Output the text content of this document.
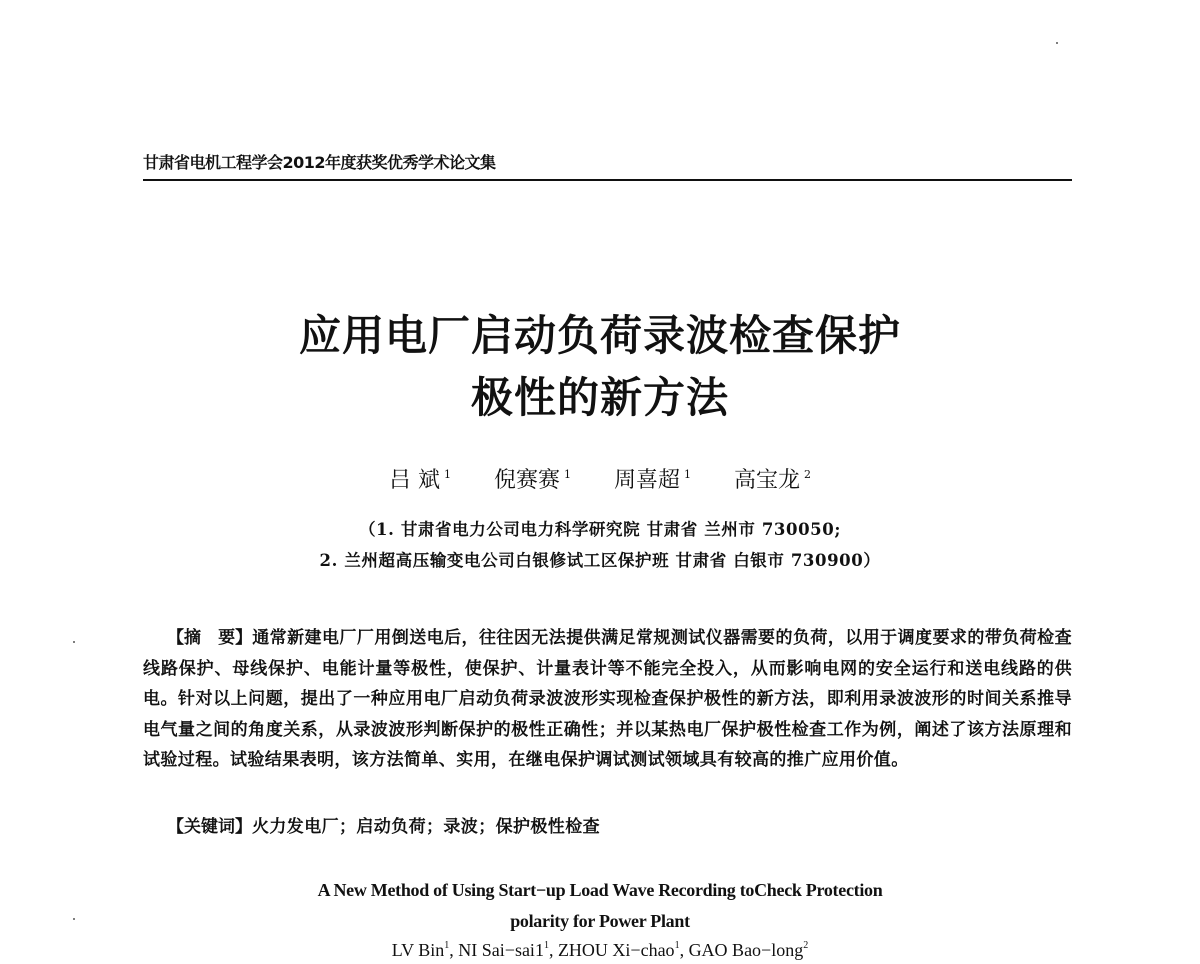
甘肃省电机工程学会2012年度获奖优秀学术论文集
应用电厂启动负荷录波检查保护
极性的新方法
吕 斌 $^1$ 倪赛赛 $^1$ 周喜超 $^1$ 高宝龙 $^2$
（1. 甘肃省电力公司电力科学研究院 甘肃省 兰州市 730050;
2. 兰州超高压输变电公司白银修试工区保护班 甘肃省 白银市 730900）
【摘　要】通常新建电厂厂用倒送电后，往往因无法提供满足常规测试仪器需要的负荷，以用于调度要求的带负荷检查线路保护、母线保护、电能计量等极性，使保护、计量表计等不能完全投入，从而影响电网的安全运行和送电线路的供电。针对以上问题，提出了一种应用电厂启动负荷录波波形实现检查保护极性的新方法，即利用录波波形的时间关系推导电气量之间的角度关系，从录波波形判断保护的极性正确性；并以某热电厂保护极性检查工作为例，阐述了该方法原理和试验过程。试验结果表明，该方法简单、实用，在继电保护调试测试领域具有较高的推广应用价值。
【关键词】火力发电厂；启动负荷；录波；保护极性检查
A New Method of Using Start−up Load Wave Recording toCheck Protection
polarity for Power Plant
LV Bin$^1$, NI $Sai-sai1^1$, ZHOU Xi−chao$^1$, GAO Bao−long$^2$
